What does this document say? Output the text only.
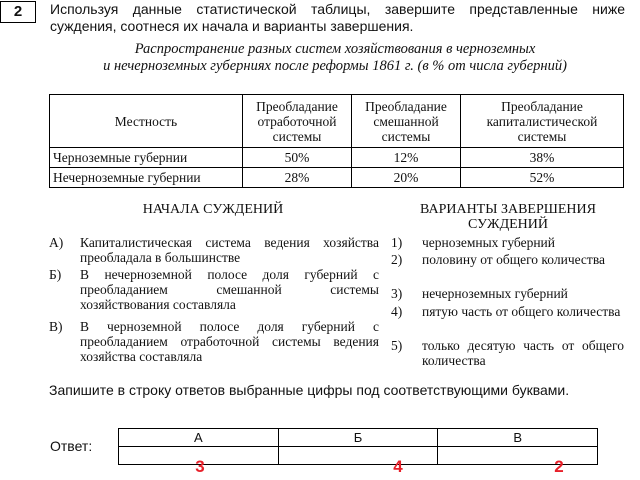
2	Используя данные статистической таблицы, завершите представленные ниже суждения, соотнеся их начала и варианты завершения.
Распространение разных систем хозяйствования в черноземных
и нечерноземных губерниях после реформы 1861 г. (в % от числа губерний)
Местность	Преобладание отработочной системы	Преобладание смешанной системы	Преобладание капиталистической системы
Черноземные губернии	50%	12%	38%
Нечерноземные губернии	28%	20%	52%
НАЧАЛА СУЖДЕНИЙ	ВАРИАНТЫ ЗАВЕРШЕНИЯ СУЖДЕНИЙ
А) Капиталистическая система ведения хозяйства преобладала в большинстве
Б) В нечерноземной полосе доля губерний с преобладанием смешанной системы хозяйствования составляла
В) В черноземной полосе доля губерний с преобладанием отработочной системы ведения хозяйства составляла
1) черноземных губерний
2) половину от общего количества
3) нечерноземных губерний
4) пятую часть от общего количества
5) только десятую часть от общего количества
Запишите в строку ответов выбранные цифры под соответствующими буквами.
Ответ:
А	Б	В

3	4	2
